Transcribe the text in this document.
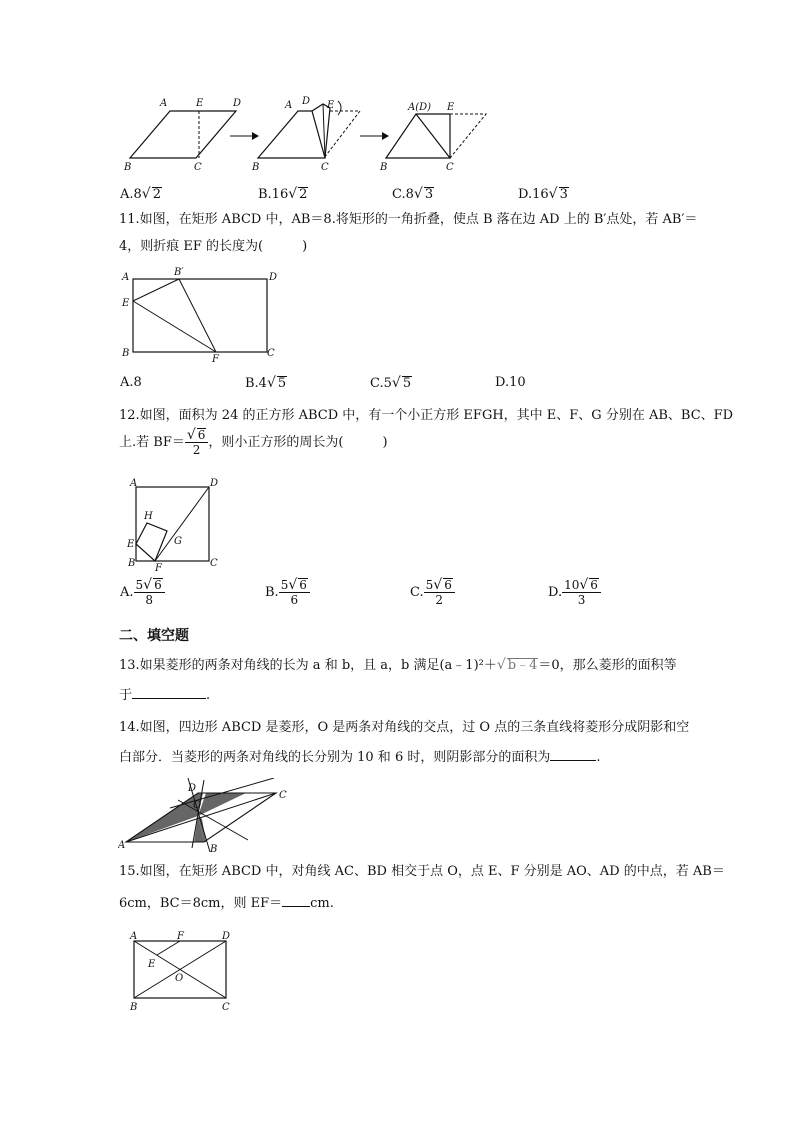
A	E	D
B	C
A D E
B	C
A(D) E
B	C
A.8√ 2	B.16√ 2	C.8√ 3	D.16√ 3
11.如图，在矩形 ABCD 中，AB＝8.将矩形的一角折叠，使点 B 落在边 AD 上的 B′点处，若 AB′＝
4，则折痕 EF 的长度为(　　　)
A	B′	D
E
B
F
C
A.8	B.4√ 5	C.5√ 5	D.10
12.如图，面积为 24 的正方形 ABCD 中，有一个小正方形 EFGH，其中 E、F、G 分别在 AB、BC、FD
上.若 $BF= \frac{√ 6}{2}$ ，则小正方形的周长为(　　　)
A	D
H
E	G
B F	C
A. $\frac{5√ 6}{8}$	B. $\frac{5√ 6}{6}$	C. $\frac{5√ 6}{2}$	D. $\frac{10√ 6}{3}$
二、填空题
13.如果菱形的两条对角线的长为 a 和 b，且 a，b 满足(a﹣1)²＋√ b﹣4＝0，那么菱形的面积等
于	.
14.如图，四边形 ABCD 是菱形，O 是两条对角线的交点，过 O 点的三条直线将菱形分成阴影和空
白部分．当菱形的两条对角线的长分别为 10 和 6 时，则阴影部分的面积为	.
D
O
C
A	B
15.如图，在矩形 ABCD 中，对角线 AC、BD 相交于点 O，点 E、F 分别是 AO、AD 的中点，若 AB＝
6cm，BC＝8cm，则 EF＝ cm.
A	F	D
E
O
B	C
